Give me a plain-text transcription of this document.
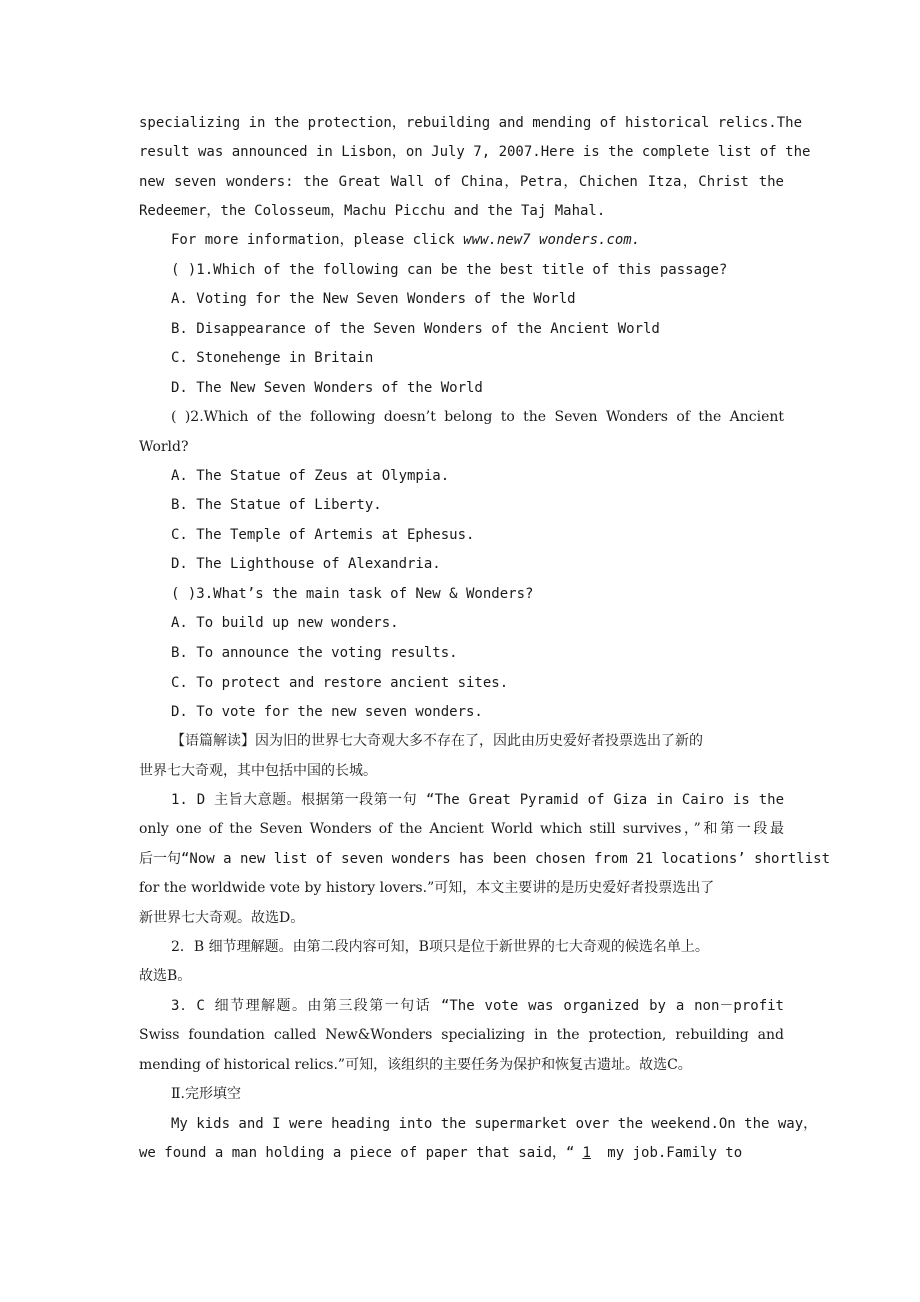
specializing in the protection，rebuilding and mending of historical relics.The
result was announced in Lisbon，on July 7, 2007.Here is the complete list of the
new seven wonders: the Great Wall of China，Petra，Chichen Itza，Christ the
Redeemer，the Colosseum，Machu Picchu and the Taj Mahal.
For more information，please click www.new7 wonders.com.
( )1.Which of the following can be the best title of this passage?
A. Voting for the New Seven Wonders of the World
B. Disappearance of the Seven Wonders of the Ancient World
C. Stonehenge in Britain
D. The New Seven Wonders of the World
( )2.Which of the following doesn’t belong to the Seven Wonders of the Ancient
World?
A. The Statue of Zeus at Olympia.
B. The Statue of Liberty.
C. The Temple of Artemis at Ephesus.
D. The Lighthouse of Alexandria.
( )3.What’s the main task of New & Wonders?
A. To build up new wonders.
B. To announce the voting results.
C. To protect and restore ancient sites.
D. To vote for the new seven wonders.
【语篇解读】因为旧的世界七大奇观大多不存在了，因此由历史爱好者投票选出了新的
世界七大奇观，其中包括中国的长城。
1. D 主旨大意题。根据第一段第一句 “The Great Pyramid of Giza in Cairo is the
only one of the Seven Wonders of the Ancient World which still survives，”和第一段最
后一句“Now a new list of seven wonders has been chosen from 21 locations’ shortlist
for the worldwide vote by history lovers.”可知，本文主要讲的是历史爱好者投票选出了
新世界七大奇观。故选D。
2．B 细节理解题。由第二段内容可知，B项只是位于新世界的七大奇观的候选名单上。
故选B。
3．C 细节理解题。由第三段第一句话 “The vote was organized by a non－profit
Swiss foundation called New&Wonders specializing in the protection, rebuilding and
mending of historical relics.”可知，该组织的主要任务为保护和恢复古遗址。故选C。
Ⅱ.完形填空
My kids and I were heading into the supermarket over the weekend.On the way，
we found a man holding a piece of paper that said，“ 1 my job.Family to
